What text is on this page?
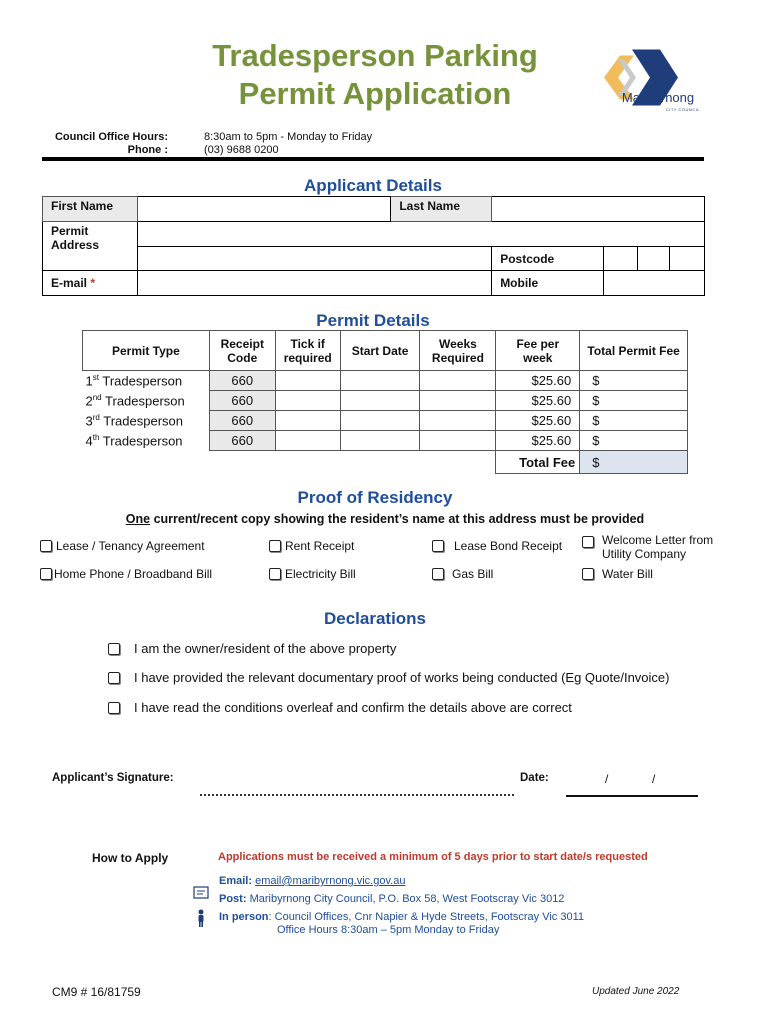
Tradesperson Parking
Permit Application	Maribyrnong
CITY COUNCIL
Council Office Hours:	8:30am to 5pm - Monday to Friday
Phone :	(03) 9688 0200
Applicant Details
First Name		Last Name				
Permit Address						
			Postcode			
E-mail *			Mobile			
Permit Details
Permit Type	Receipt Code	Tick if required	Start Date	Weeks Required	Fee per week	Total Permit Fee
1st Tradesperson	660				$25.60	$
2nd Tradesperson	660				$25.60	$
3rd Tradesperson	660				$25.60	$
4th Tradesperson	660				$25.60	$
					Total Fee	$
Proof of Residency
One current/recent copy showing the resident’s name at this address must be provided
Lease / Tenancy Agreement	Rent Receipt	Lease Bond Receipt	Welcome Letter from Utility Company
Home Phone / Broadband Bill	Electricity Bill	Gas Bill	Water Bill
Declarations
I am the owner/resident of the above property
I have provided the relevant documentary proof of works being conducted (Eg Quote/Invoice)
I have read the conditions overleaf and confirm the details above are correct
Applicant’s Signature:	Date:	/	/
How to Apply	Applications must be received a minimum of 5 days prior to start date/s requested
Email: email@maribyrnong.vic.gov.au
Post: Maribyrnong City Council, P.O. Box 58, West Footscray Vic 3012
In person: Council Offices, Cnr Napier & Hyde Streets, Footscray Vic 3011
Office Hours 8:30am – 5pm Monday to Friday
CM9 # 16/81759	Updated June 2022
